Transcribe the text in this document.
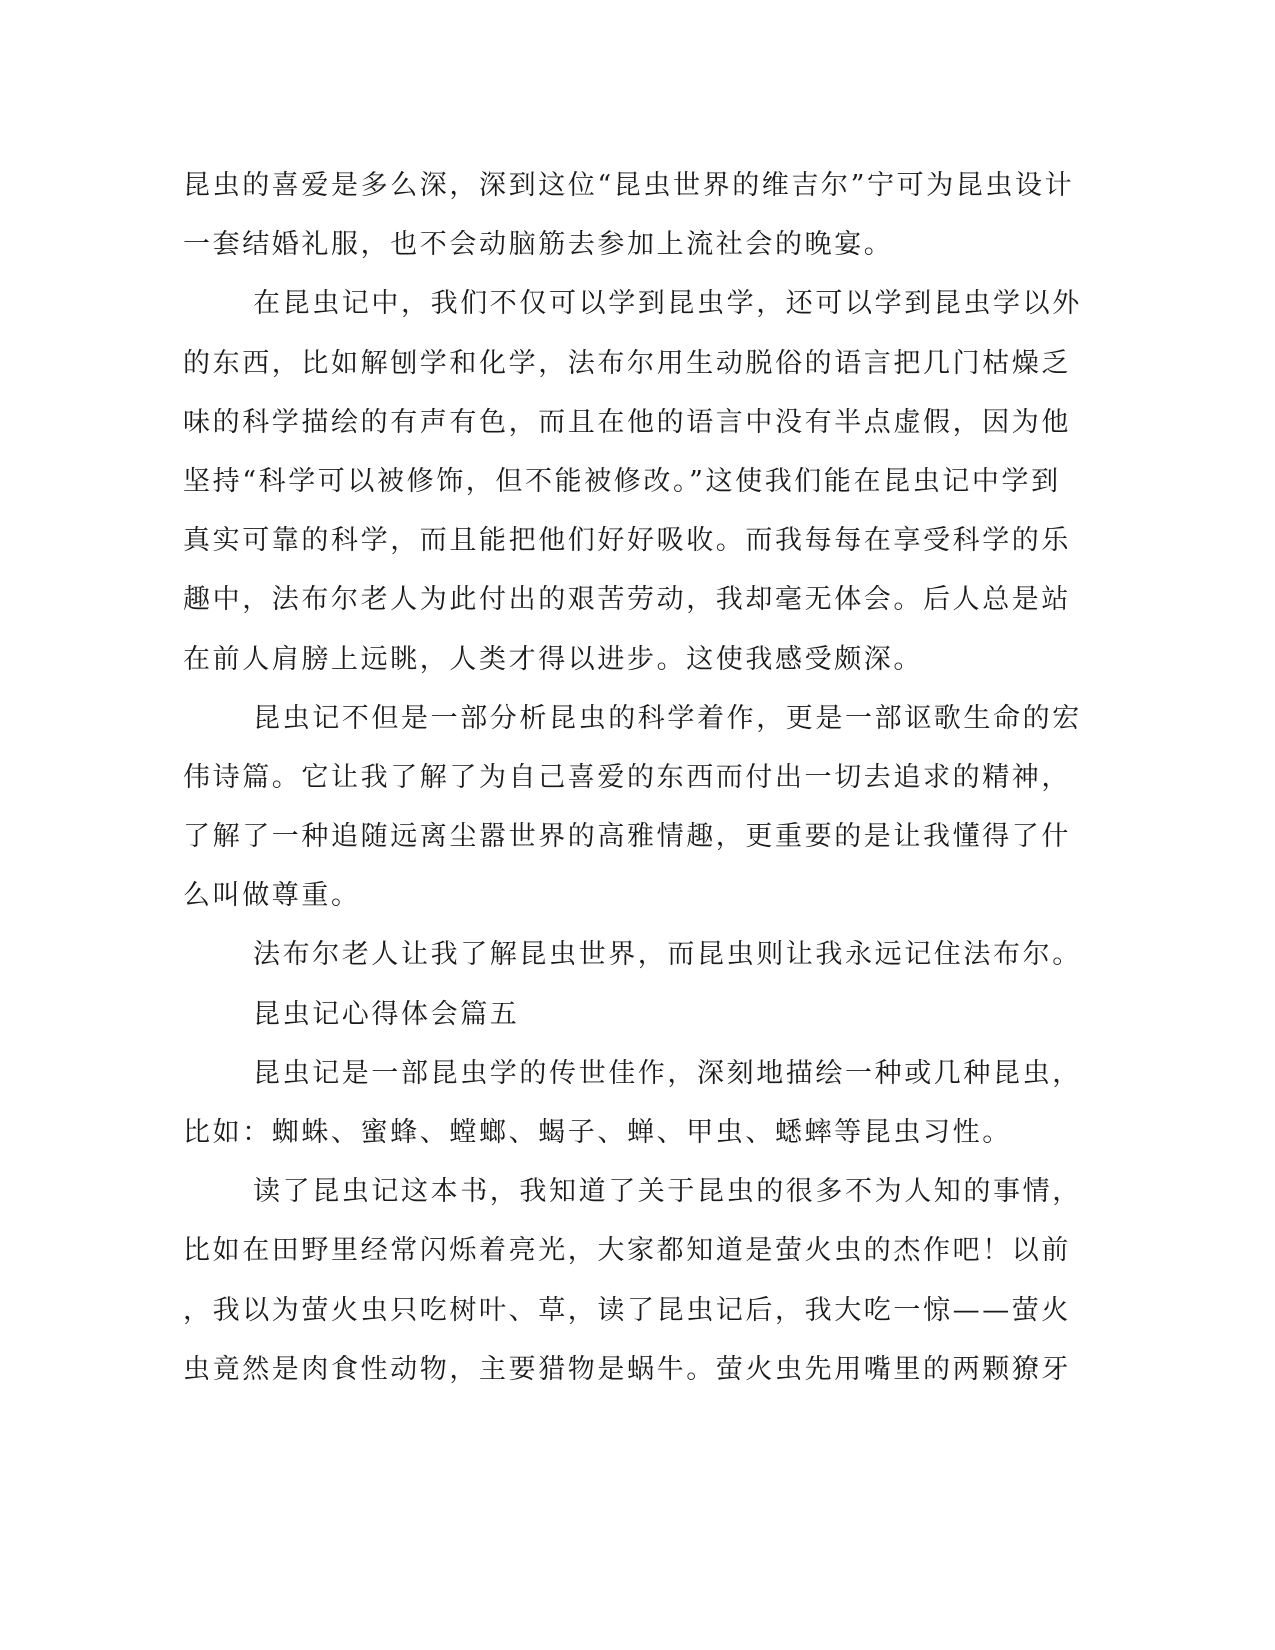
昆虫的喜爱是多么深，深到这位“昆虫世界的维吉尔”宁可为昆虫设计
一套结婚礼服，也不会动脑筋去参加上流社会的晚宴。
在昆虫记中，我们不仅可以学到昆虫学，还可以学到昆虫学以外
的东西，比如解刨学和化学，法布尔用生动脱俗的语言把几门枯燥乏
味的科学描绘的有声有色，而且在他的语言中没有半点虚假，因为他
坚持“科学可以被修饰，但不能被修改。”这使我们能在昆虫记中学到
真实可靠的科学，而且能把他们好好吸收。而我每每在享受科学的乐
趣中，法布尔老人为此付出的艰苦劳动，我却毫无体会。后人总是站
在前人肩膀上远眺，人类才得以进步。这使我感受颇深。
昆虫记不但是一部分析昆虫的科学着作，更是一部讴歌生命的宏
伟诗篇。它让我了解了为自己喜爱的东西而付出一切去追求的精神，
了解了一种追随远离尘嚣世界的高雅情趣，更重要的是让我懂得了什
么叫做尊重。
法布尔老人让我了解昆虫世界，而昆虫则让我永远记住法布尔。
昆虫记心得体会篇五
昆虫记是一部昆虫学的传世佳作，深刻地描绘一种或几种昆虫，
比如：蜘蛛、蜜蜂、螳螂、蝎子、蝉、甲虫、蟋蟀等昆虫习性。
读了昆虫记这本书，我知道了关于昆虫的很多不为人知的事情，
比如在田野里经常闪烁着亮光，大家都知道是萤火虫的杰作吧！以前
，我以为萤火虫只吃树叶、草，读了昆虫记后，我大吃一惊——萤火
虫竟然是肉食性动物，主要猎物是蜗牛。萤火虫先用嘴里的两颗獠牙
